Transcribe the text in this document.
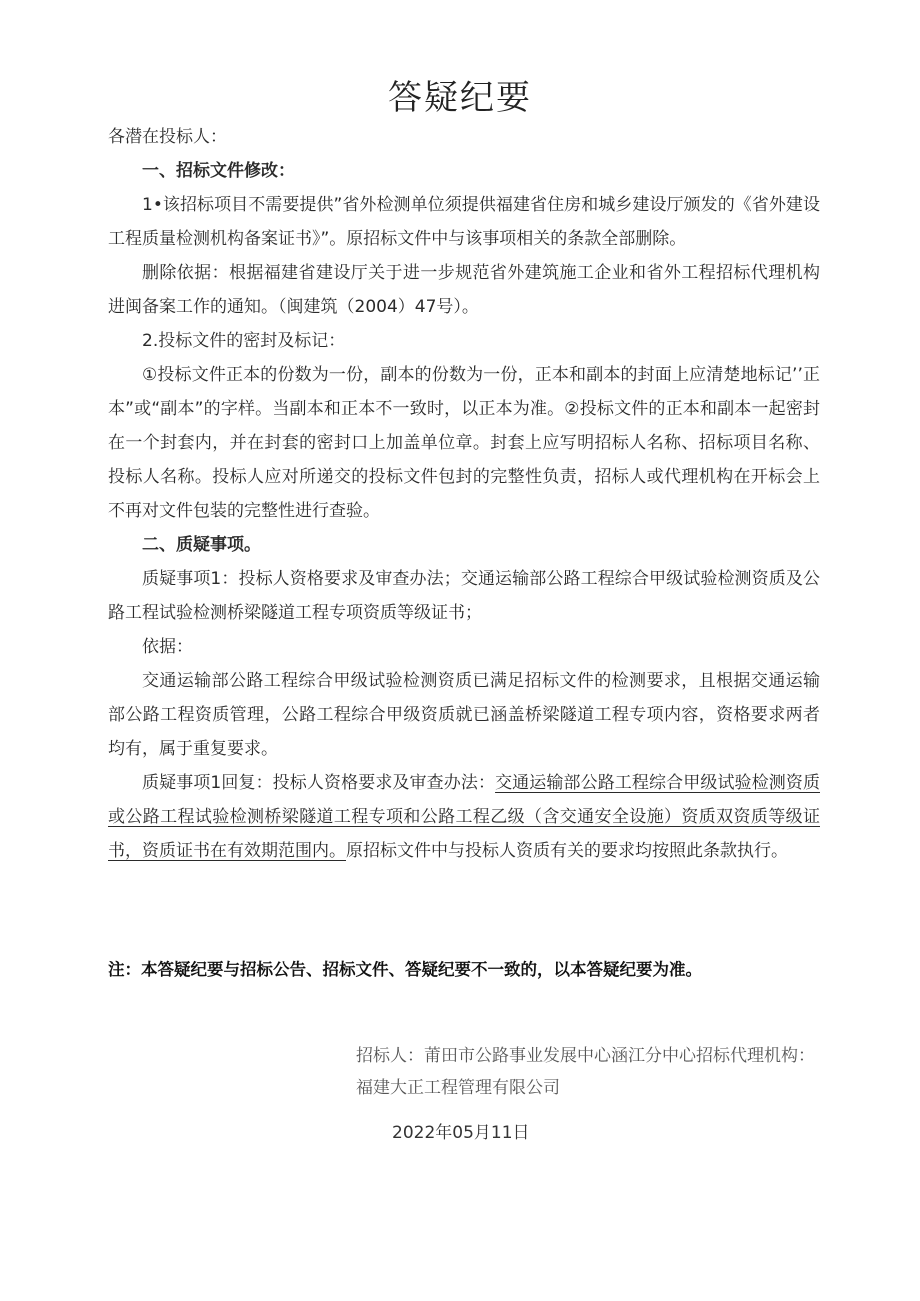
答疑纪要
各潜在投标人：
一、招标文件修改：
1•该招标项目不需要提供”省外检测单位须提供福建省住房和城乡建设厅颁发的《省外建设工程质量检测机构备案证书》”。原招标文件中与该事项相关的条款全部删除。
删除依据：根据福建省建设厅关于进一步规范省外建筑施工企业和省外工程招标代理机构进闽备案工作的通知。（闽建筑（2004）47号）。
2.投标文件的密封及标记：
①投标文件正本的份数为一份，副本的份数为一份，正本和副本的封面上应清楚地标记’’正本”或“副本”的字样。当副本和正本不一致时，以正本为准。②投标文件的正本和副本一起密封在一个封套内，并在封套的密封口上加盖单位章。封套上应写明招标人名称、招标项目名称、投标人名称。投标人应对所递交的投标文件包封的完整性负责，招标人或代理机构在开标会上不再对文件包装的完整性进行查验。
二、质疑事项。
质疑事项1：投标人资格要求及审查办法；交通运输部公路工程综合甲级试验检测资质及公路工程试验检测桥梁隧道工程专项资质等级证书；
依据：
交通运输部公路工程综合甲级试验检测资质已满足招标文件的检测要求，且根据交通运输部公路工程资质管理，公路工程综合甲级资质就已涵盖桥梁隧道工程专项内容，资格要求两者均有，属于重复要求。
质疑事项1回复：投标人资格要求及审查办法：交通运输部公路工程综合甲级试验检测资质或公路工程试验检测桥梁隧道工程专项和公路工程乙级（含交通安全设施）资质双资质等级证书，资质证书在有效期范围内。原招标文件中与投标人资质有关的要求均按照此条款执行。
注：本答疑纪要与招标公告、招标文件、答疑纪要不一致的，以本答疑纪要为准。
招标人：莆田市公路事业发展中心涵江分中心招标代理机构：福建大正工程管理有限公司
2022年05月11日
